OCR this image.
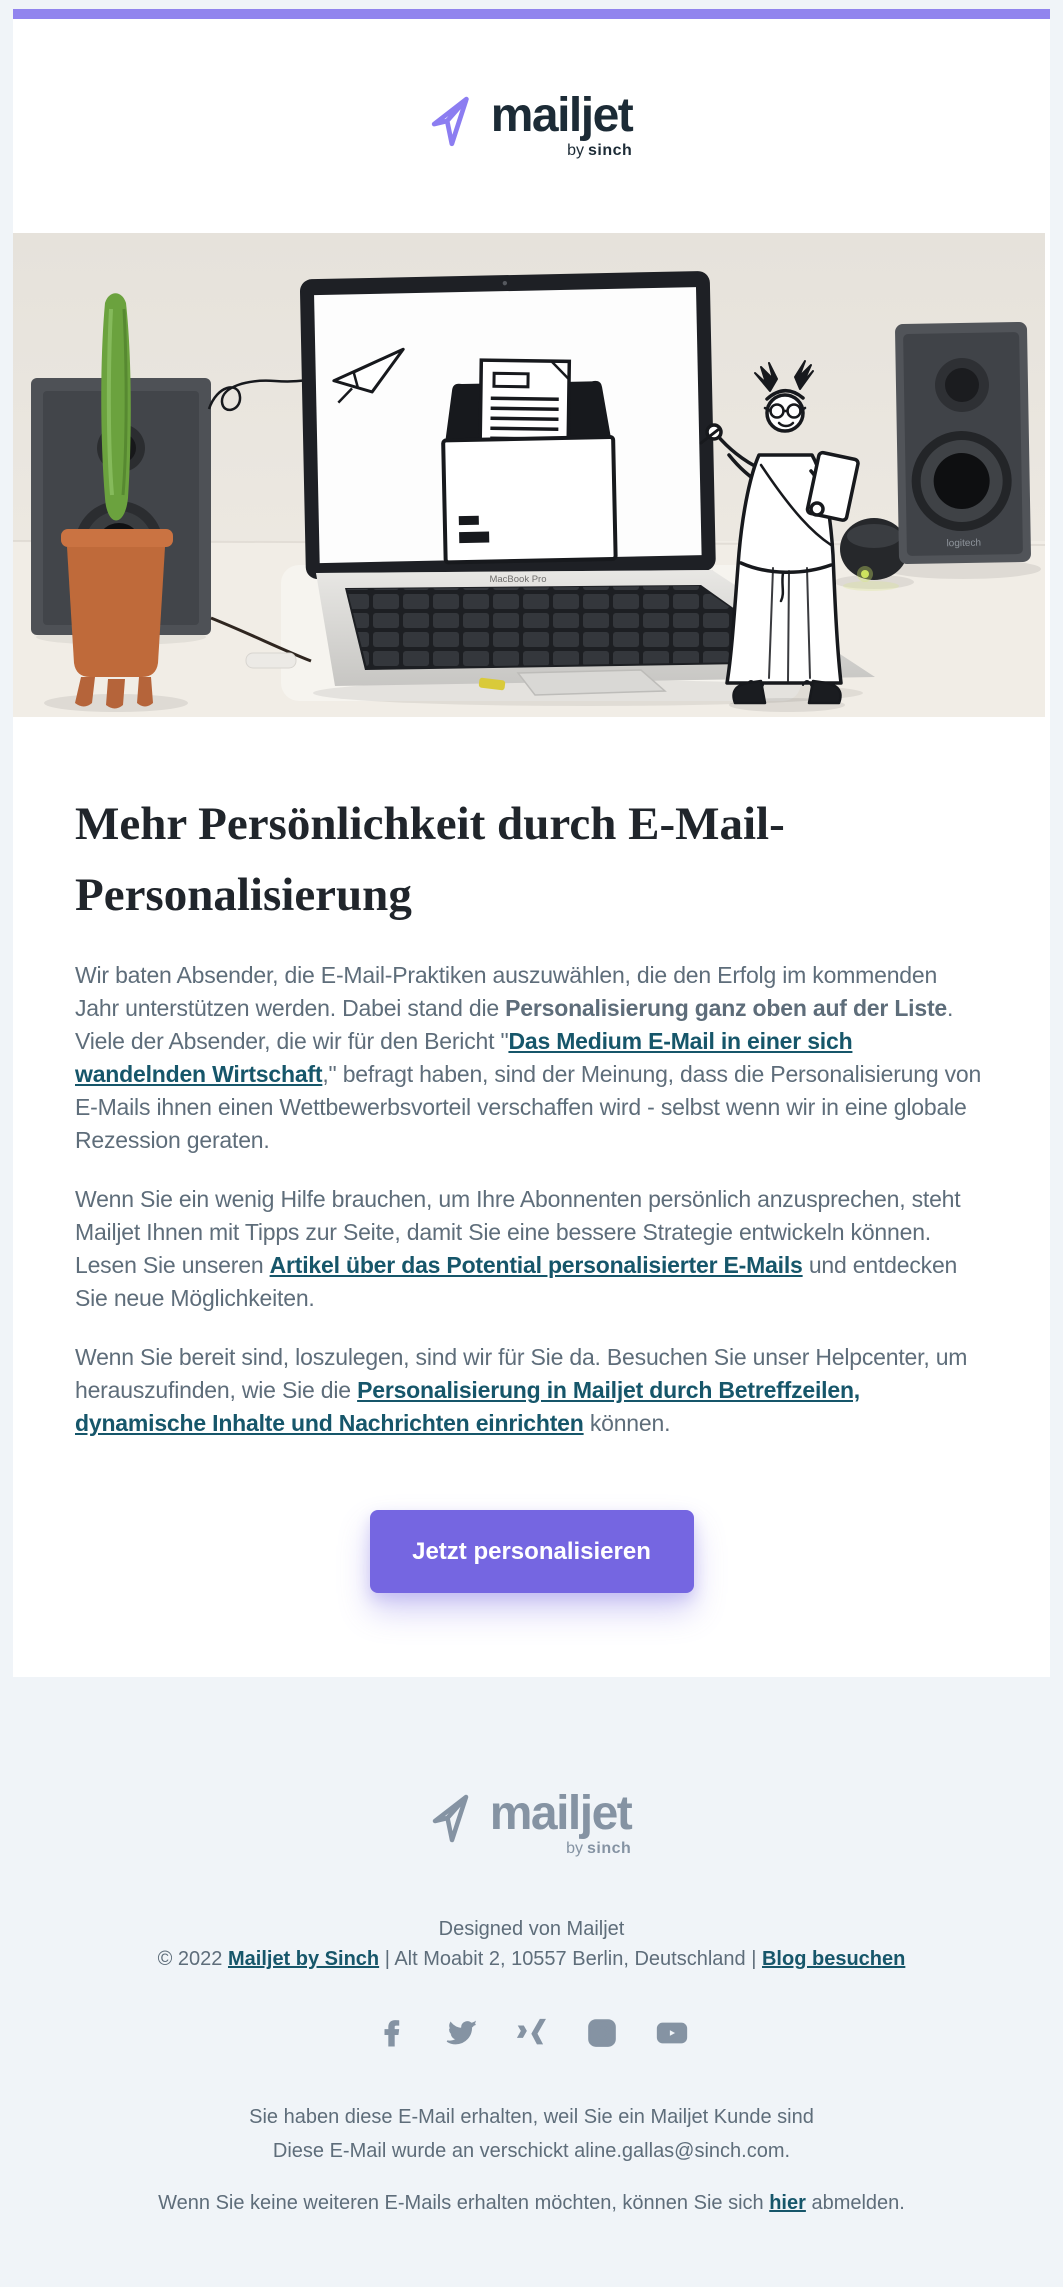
mailjet
by sinch
MacBook Pro
logitech
Mehr Persönlichkeit durch E-Mail-
Personalisierung

Wir baten Absender, die E-Mail-Praktiken auszuwählen, die den Erfolg im kommenden Jahr unterstützen werden. Dabei stand die Personalisierung ganz oben auf der Liste. Viele der Absender, die wir für den Bericht "Das Medium E-Mail in einer sich wandelnden Wirtschaft," befragt haben, sind der Meinung, dass die Personalisierung von E-Mails ihnen einen Wettbewerbsvorteil verschaffen wird - selbst wenn wir in eine globale Rezession geraten.

Wenn Sie ein wenig Hilfe brauchen, um Ihre Abonnenten persönlich anzusprechen, steht Mailjet Ihnen mit Tipps zur Seite, damit Sie eine bessere Strategie entwickeln können. Lesen Sie unseren Artikel über das Potential personalisierter E-Mails und entdecken Sie neue Möglichkeiten.

Wenn Sie bereit sind, loszulegen, sind wir für Sie da. Besuchen Sie unser Helpcenter, um herauszufinden, wie Sie die Personalisierung in Mailjet durch Betreffzeilen, dynamische Inhalte und Nachrichten einrichten können.

Jetzt personalisieren
mailjet
by sinch
Designed von Mailjet
© 2022 Mailjet by Sinch | Alt Moabit 2, 10557 Berlin, Deutschland | Blog besuchen
Sie haben diese E-Mail erhalten, weil Sie ein Mailjet Kunde sind
Diese E-Mail wurde an verschickt aline.gallas@sinch.com.
Wenn Sie keine weiteren E-Mails erhalten möchten, können Sie sich hier abmelden.
